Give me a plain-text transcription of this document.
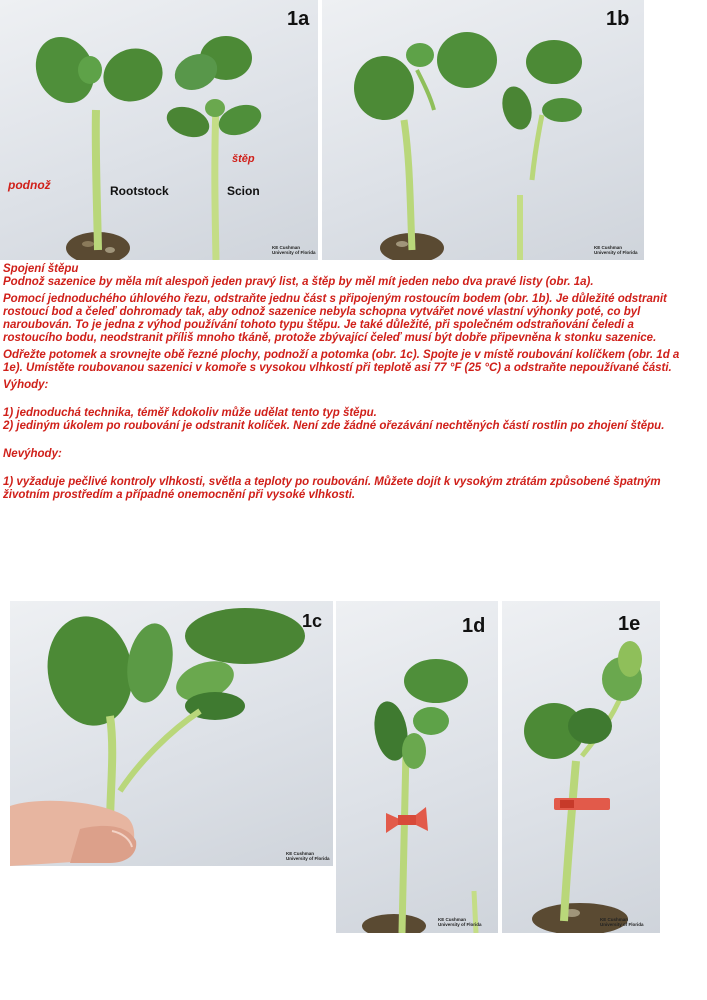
1a
podnož	Rootstock
štěp
Scion
KE Cushman
University of Florida
1b
KE Cushman
University of Florida

Spojení štěpu

Podnož sazenice by měla mít alespoň jeden pravý list, a štěp by měl mít jeden nebo dva pravé listy (obr. 1a).

Pomocí jednoduchého úhlového řezu, odstraňte jednu část s připojeným rostoucím bodem (obr. 1b). Je důležité odstranit rostoucí bod a čeleď dohromady tak, aby odnož sazenice nebyla schopna vytvářet nové vlastní výhonky poté, co byl naroubován. To je jedna z výhod používání tohoto typu štěpu. Je také důležité, při společném odstraňování čeledi a rostoucího bodu, neodstranit příliš mnoho tkáně, protože zbývající čeleď musí být dobře připevněna k stonku sazenice.

Odřežte potomek a srovnejte obě řezné plochy, podnoží a potomka (obr. 1c). Spojte je v místě roubování kolíčkem (obr. 1d a 1e). Umístěte roubovanou sazenici v komoře s vysokou vlhkostí při teplotě asi 77 °F (25 °C) a odstraňte nepoužívané části.

Výhody:

1) jednoduchá technika, téměř kdokoliv může udělat tento typ štěpu.

2) jediným úkolem po roubování je odstranit kolíček. Není zde žádné ořezávání nechtěných částí rostlin po zhojení štěpu.

Nevýhody:

1) vyžaduje pečlivé kontroly vlhkosti, světla a teploty po roubování. Můžete dojít k vysokým ztrátám způsobené špatným životním prostředím a případné onemocnění při vysoké vlhkosti.

1c
KE Cushman
University of Florida
1d
KE Cushman
University of Florida
1e
KE Cushman
University of Florida
